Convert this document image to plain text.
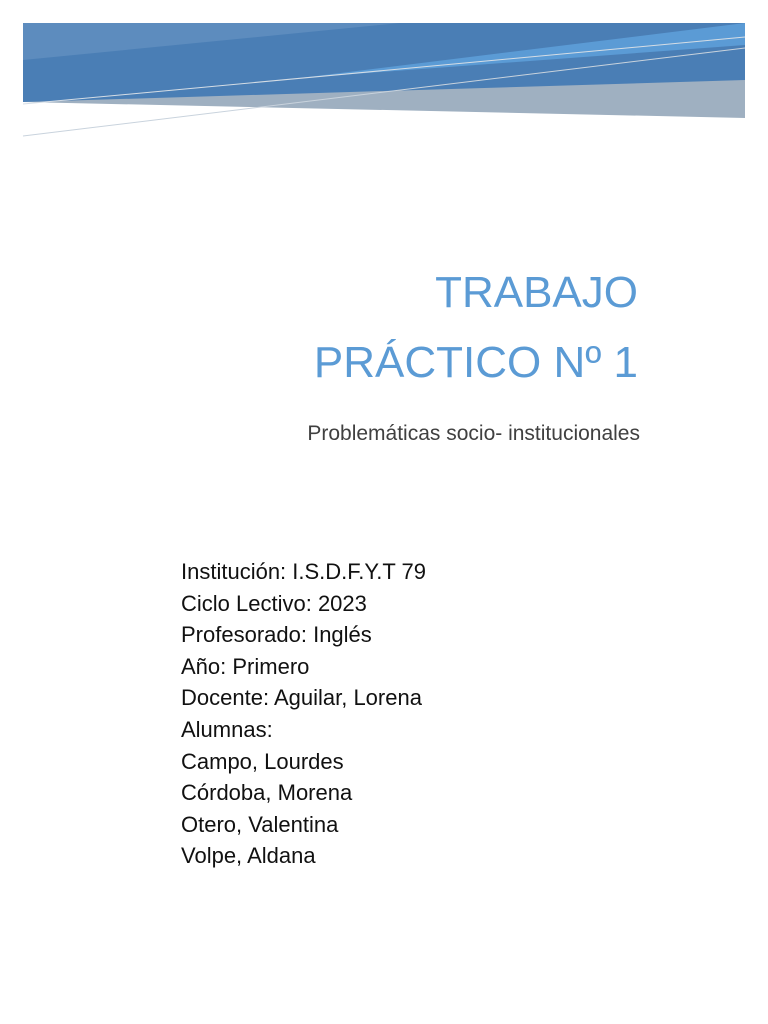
TRABAJO
PRÁCTICO Nº 1
Problemáticas socio- institucionales
Institución: I.S.D.F.Y.T 79
Ciclo Lectivo: 2023
Profesorado: Inglés
Año: Primero
Docente: Aguilar, Lorena
Alumnas:
Campo, Lourdes
Córdoba, Morena
Otero, Valentina
Volpe, Aldana
